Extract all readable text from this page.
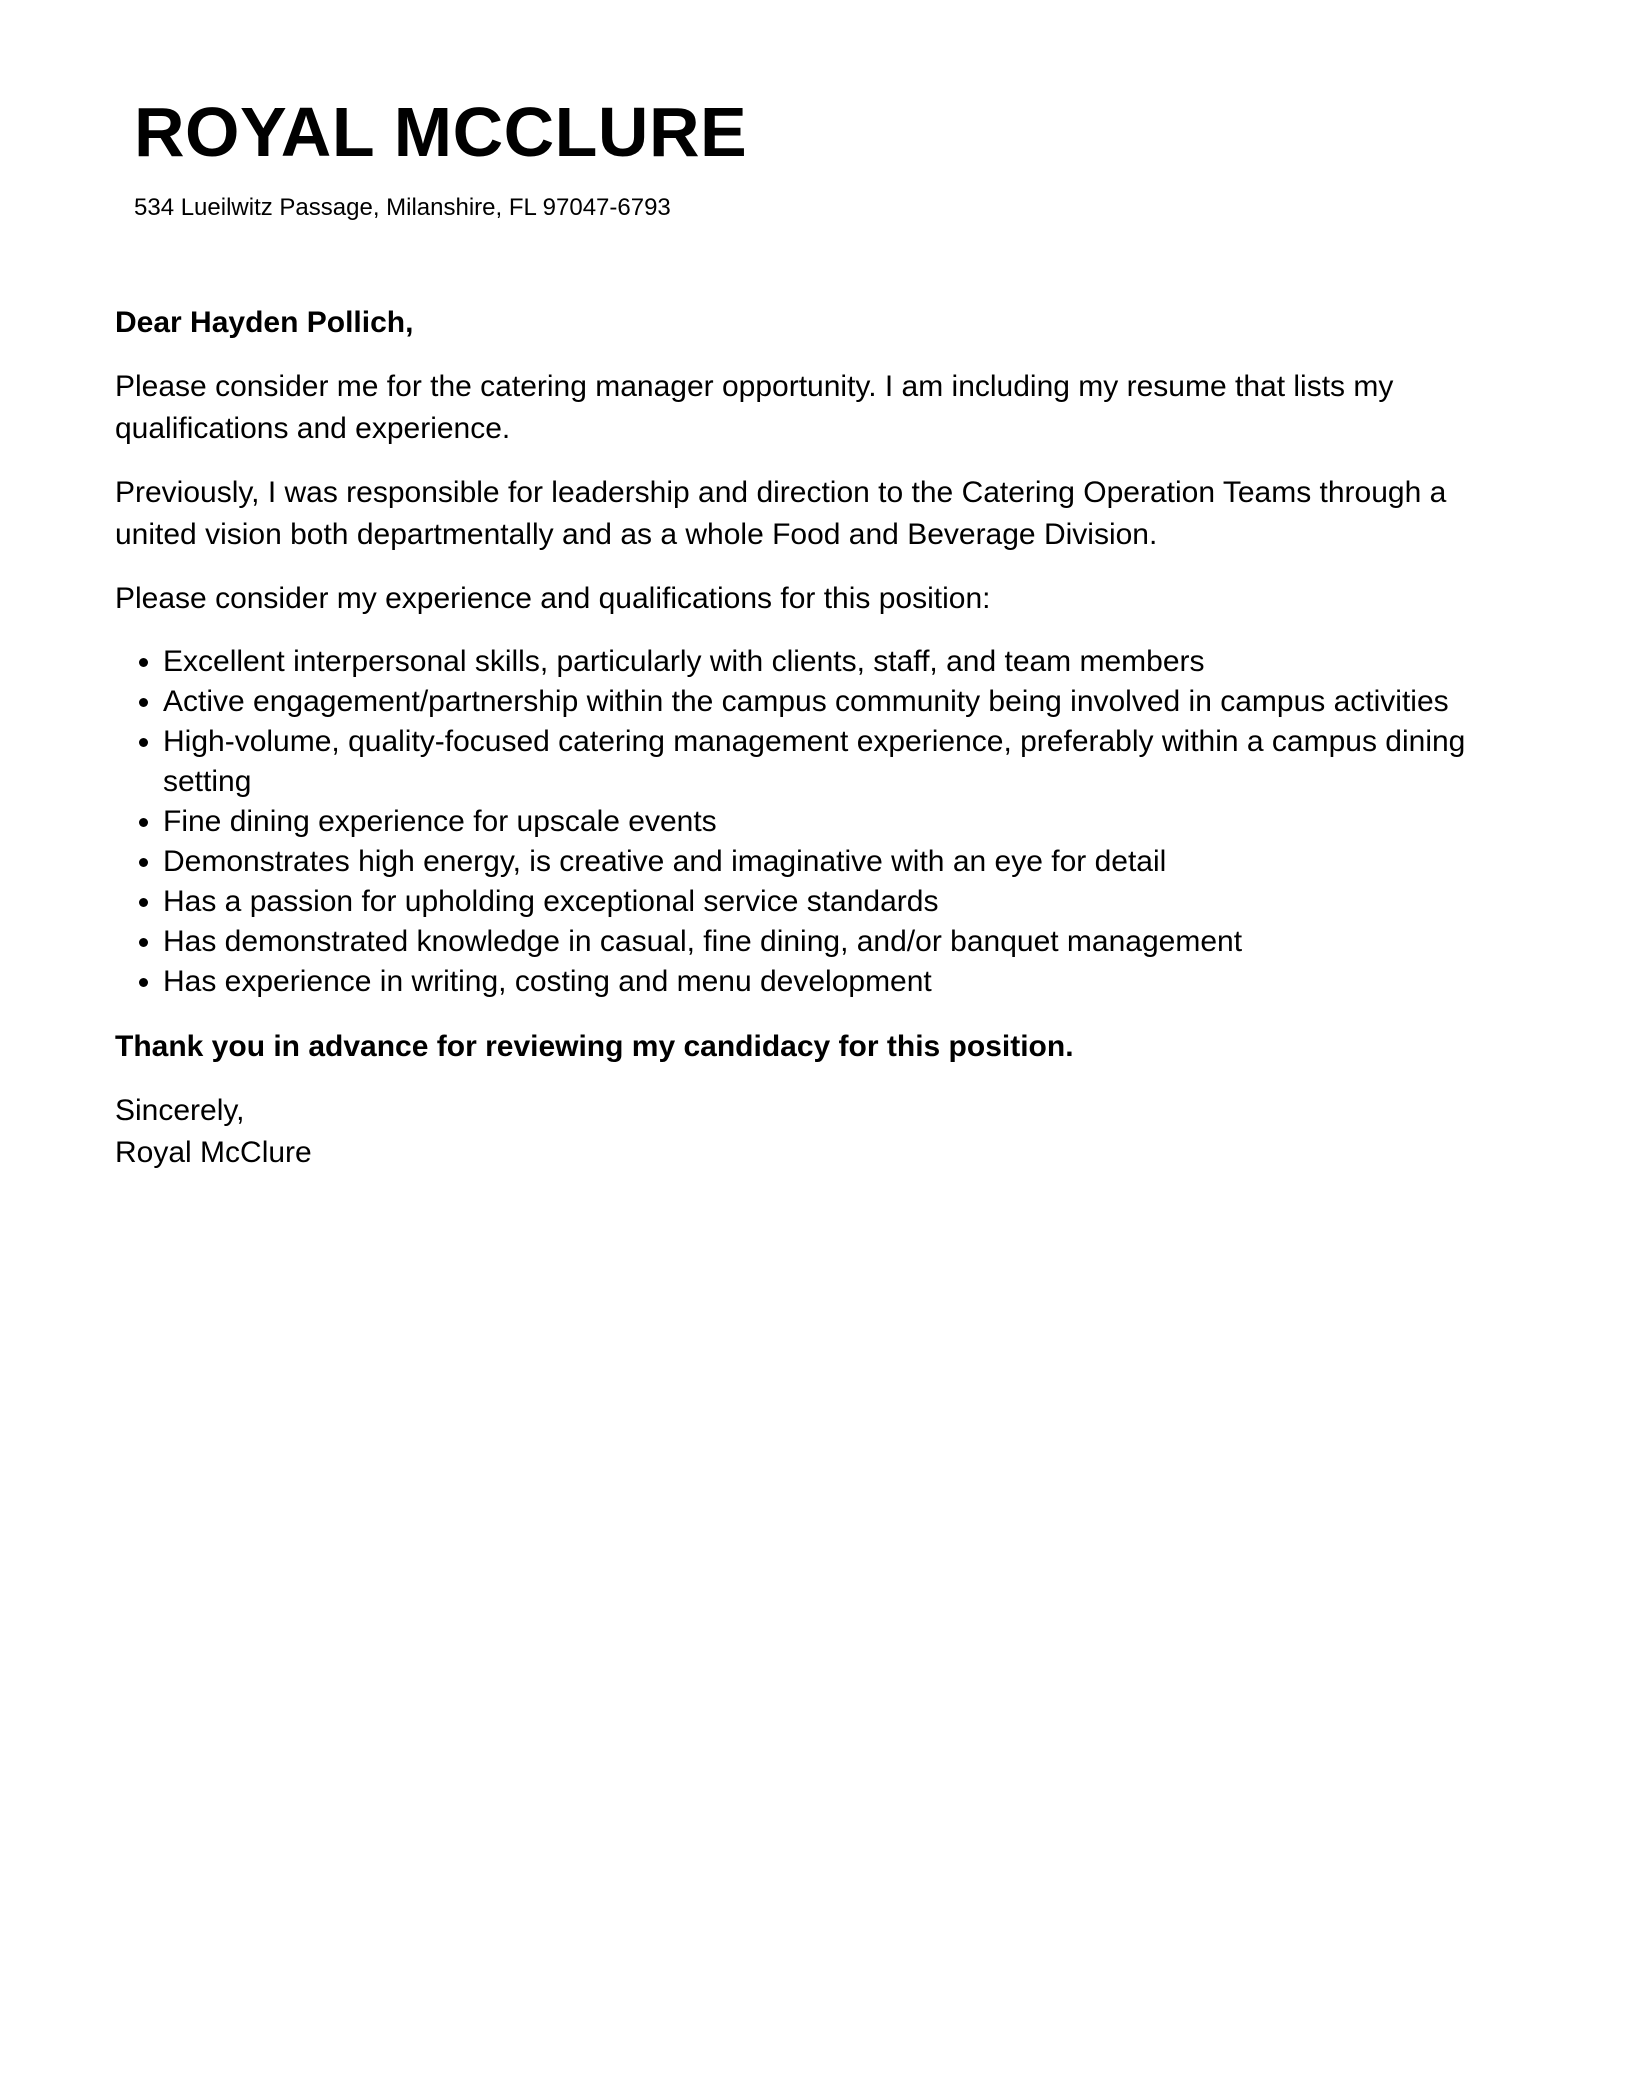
ROYAL MCCLURE
534 Lueilwitz Passage, Milanshire, FL 97047-6793

Dear Hayden Pollich,

Please consider me for the catering manager opportunity. I am including my resume that lists my qualifications and experience.

Previously, I was responsible for leadership and direction to the Catering Operation Teams through a united vision both departmentally and as a whole Food and Beverage Division.

Please consider my experience and qualifications for this position:

• Excellent interpersonal skills, particularly with clients, staff, and team members
• Active engagement/partnership within the campus community being involved in campus activities
• High-volume, quality-focused catering management experience, preferably within a campus dining setting
• Fine dining experience for upscale events
• Demonstrates high energy, is creative and imaginative with an eye for detail
• Has a passion for upholding exceptional service standards
• Has demonstrated knowledge in casual, fine dining, and/or banquet management
• Has experience in writing, costing and menu development

Thank you in advance for reviewing my candidacy for this position.

Sincerely,

Royal McClure
